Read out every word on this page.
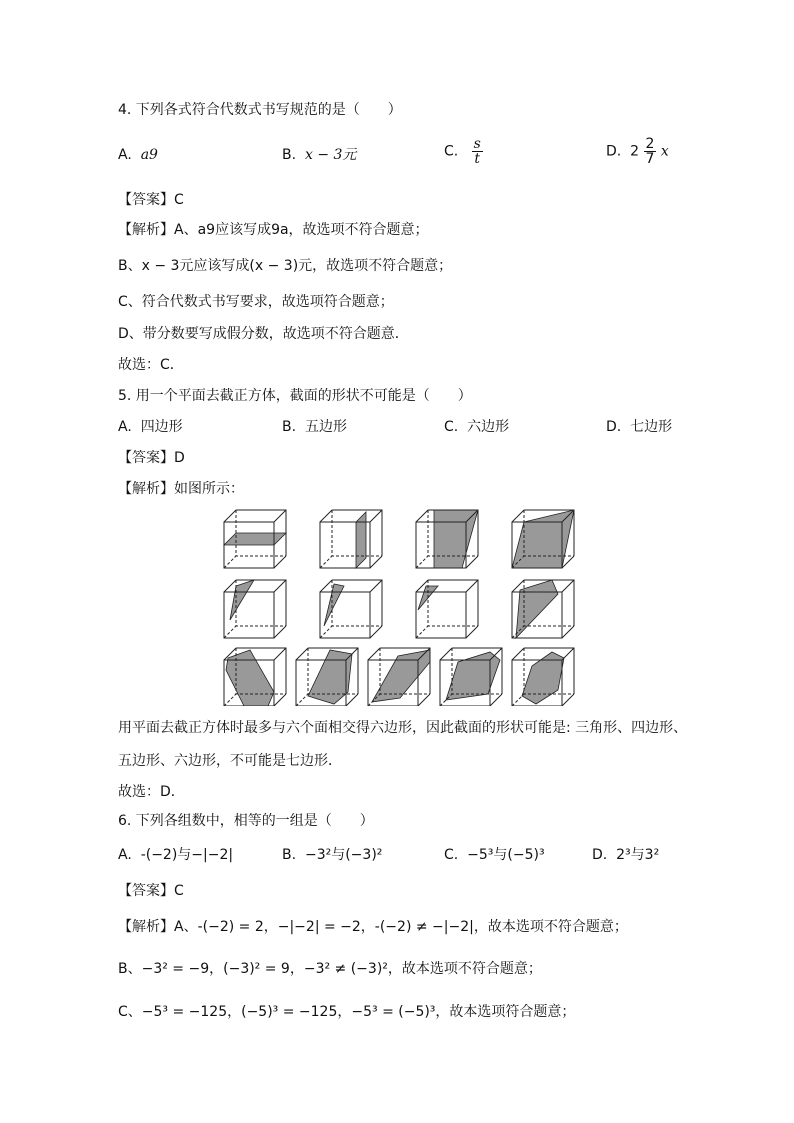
4. 下列各式符合代数式书写规范的是（　　）
A. a9	B. x − 3元	C. $\frac{s}{t}$	D. $2 \frac{2}{7}$ x
【答案】C
【解析】A、a9应该写成9a，故选项不符合题意；
B、x − 3元应该写成(x − 3)元，故选项不符合题意；
C、符合代数式书写要求，故选项符合题意；
D、带分数要写成假分数，故选项不符合题意．
故选：C．
5. 用一个平面去截正方体，截面的形状不可能是（　　）
A. 四边形	B. 五边形	C. 六边形	D. 七边形
【答案】D
【解析】如图所示：
用平面去截正方体时最多与六个面相交得六边形，因此截面的形状可能是: 三角形、四边形、
五边形、六边形，不可能是七边形．
故选：D．
6. 下列各组数中，相等的一组是（　　）
A. -(−2)与−|−2|	B. −3²与(−3)²	C. −5³与(−5)³	D. 2³与3²
【答案】C
【解析】A、-(−2) = 2，−|−2| = −2，-(−2) ≠ −|−2|，故本选项不符合题意；
B、−3² = −9，(−3)² = 9，−3² ≠ (−3)²，故本选项不符合题意；
C、−5³ = −125，(−5)³ = −125，−5³ = (−5)³，故本选项符合题意；
